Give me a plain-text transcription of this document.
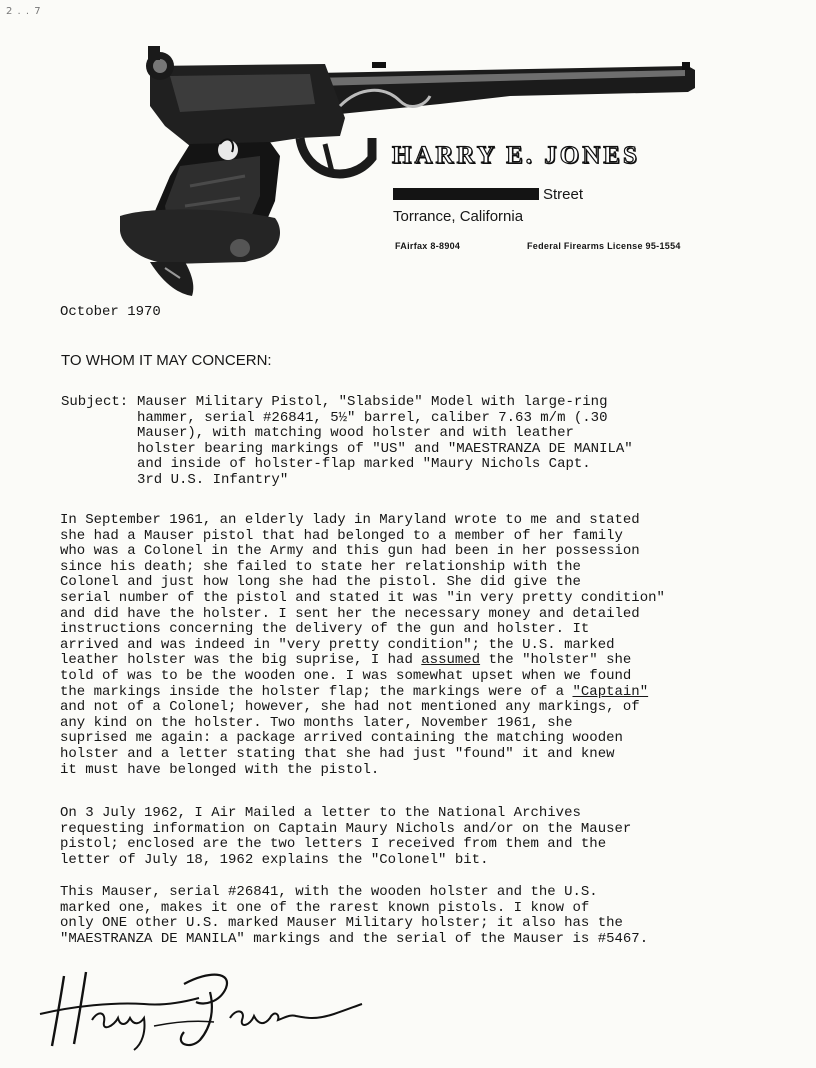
2 . . 7
HARRY E. JONES
Street
Torrance, California
FAirfax 8-8904	Federal Firearms License 95-1554
October 1970
TO WHOM IT MAY CONCERN:
Subject: Mauser Military Pistol, "Slabside" Model with large-ring
hammer, serial #26841, 5½" barrel, caliber 7.63 m/m (.30
Mauser), with matching wood holster and with leather
holster bearing markings of "US" and "MAESTRANZA DE MANILA"
and inside of holster-flap marked "Maury Nichols Capt.
3rd U.S. Infantry"
In September 1961, an elderly lady in Maryland wrote to me and stated
she had a Mauser pistol that had belonged to a member of her family
who was a Colonel in the Army and this gun had been in her possession
since his death; she failed to state her relationship with the
Colonel and just how long she had the pistol. She did give the
serial number of the pistol and stated it was "in very pretty condition"
and did have the holster. I sent her the necessary money and detailed
instructions concerning the delivery of the gun and holster. It
arrived and was indeed in "very pretty condition"; the U.S. marked
leather holster was the big suprise, I had assumed the "holster" she
told of was to be the wooden one. I was somewhat upset when we found
the markings inside the holster flap; the markings were of a "Captain"
and not of a Colonel; however, she had not mentioned any markings, of
any kind on the holster. Two months later, November 1961, she
suprised me again: a package arrived containing the matching wooden
holster and a letter stating that she had just "found" it and knew
it must have belonged with the pistol.
On 3 July 1962, I Air Mailed a letter to the National Archives
requesting information on Captain Maury Nichols and/or on the Mauser
pistol; enclosed are the two letters I received from them and the
letter of July 18, 1962 explains the "Colonel" bit.
This Mauser, serial #26841, with the wooden holster and the U.S.
marked one, makes it one of the rarest known pistols. I know of
only ONE other U.S. marked Mauser Military holster; it also has the
"MAESTRANZA DE MANILA" markings and the serial of the Mauser is #5467.
